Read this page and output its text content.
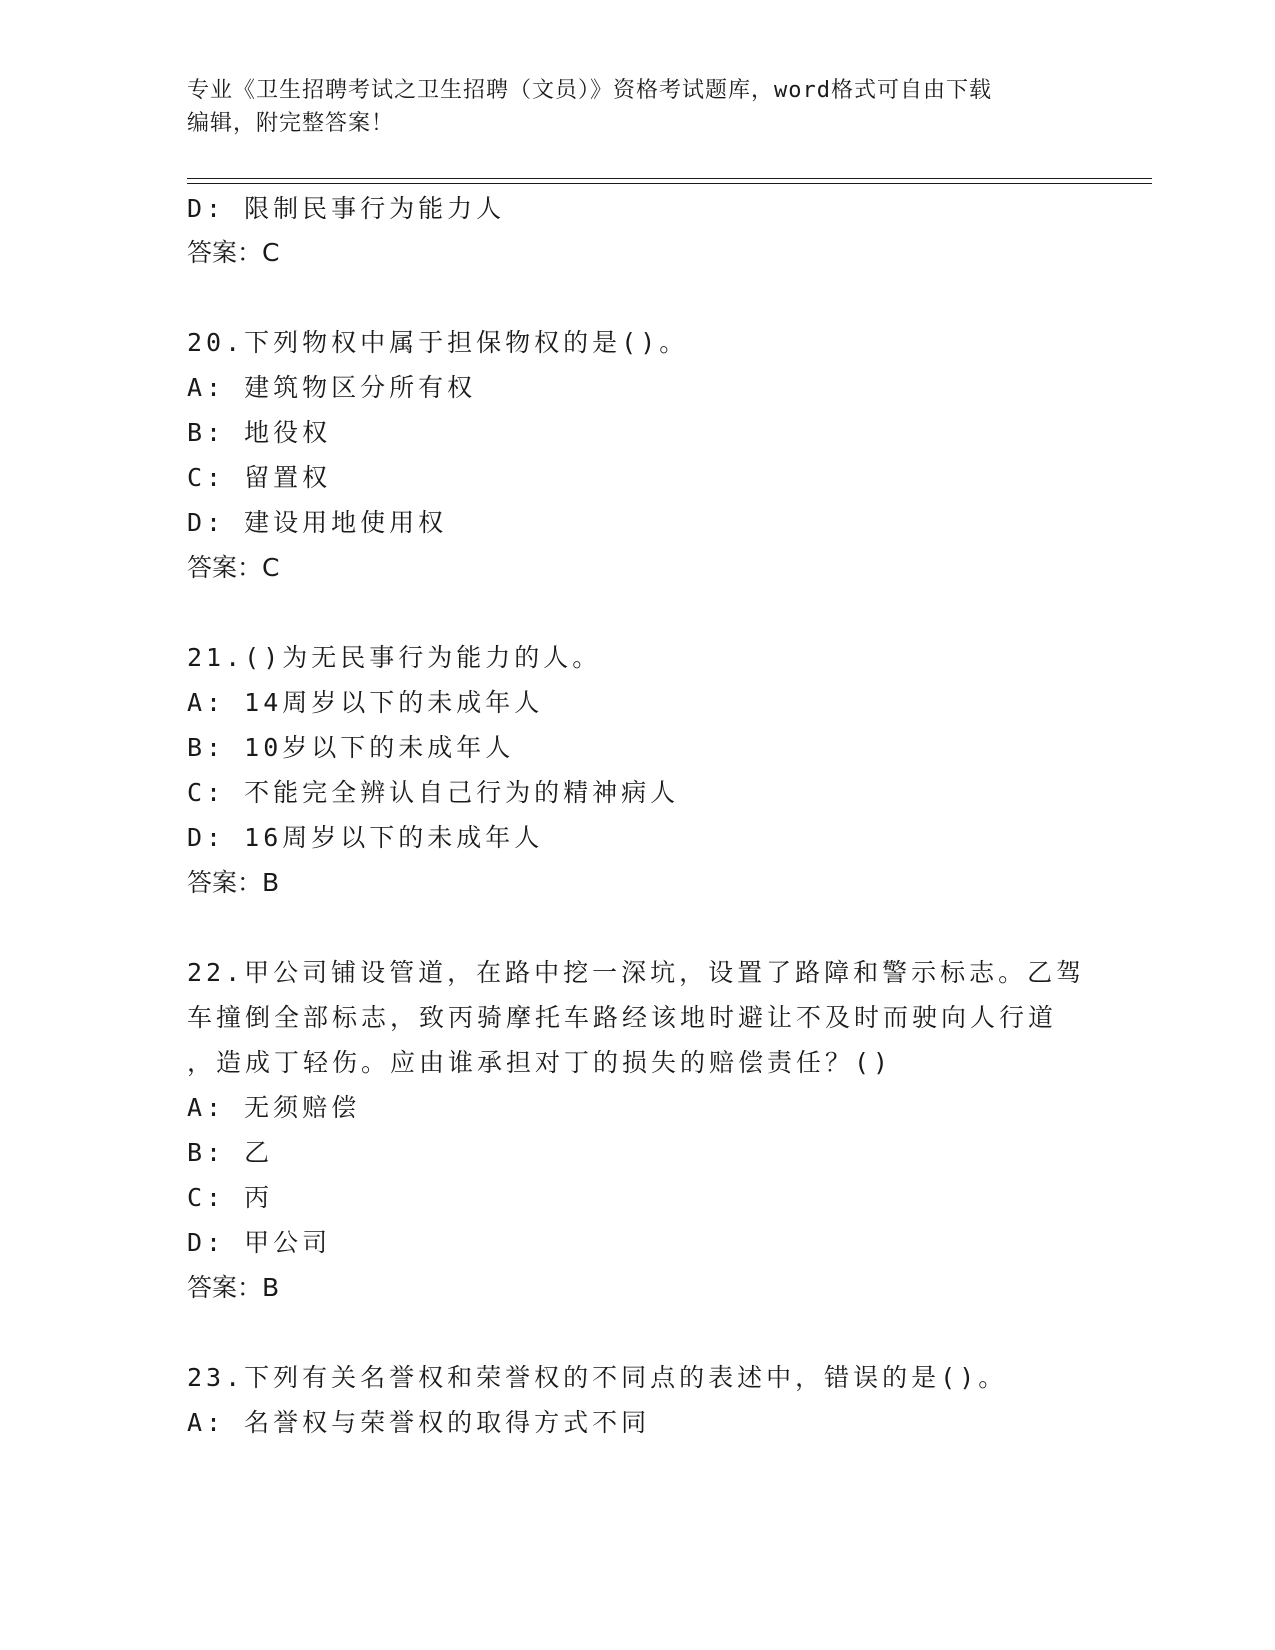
专业《卫生招聘考试之卫生招聘（文员）》资格考试题库，word格式可自由下载
编辑，附完整答案！
D: 限制民事行为能力人
答案：C
20.下列物权中属于担保物权的是()。
A: 建筑物区分所有权
B: 地役权
C: 留置权
D: 建设用地使用权
答案：C
21.()为无民事行为能力的人。
A: 14周岁以下的未成年人
B: 10岁以下的未成年人
C: 不能完全辨认自己行为的精神病人
D: 16周岁以下的未成年人
答案：B
22.甲公司铺设管道，在路中挖一深坑，设置了路障和警示标志。乙驾
车撞倒全部标志，致丙骑摩托车路经该地时避让不及时而驶向人行道
，造成丁轻伤。应由谁承担对丁的损失的赔偿责任？()
A: 无须赔偿
B: 乙
C: 丙
D: 甲公司
答案：B
23.下列有关名誉权和荣誉权的不同点的表述中，错误的是()。
A: 名誉权与荣誉权的取得方式不同
